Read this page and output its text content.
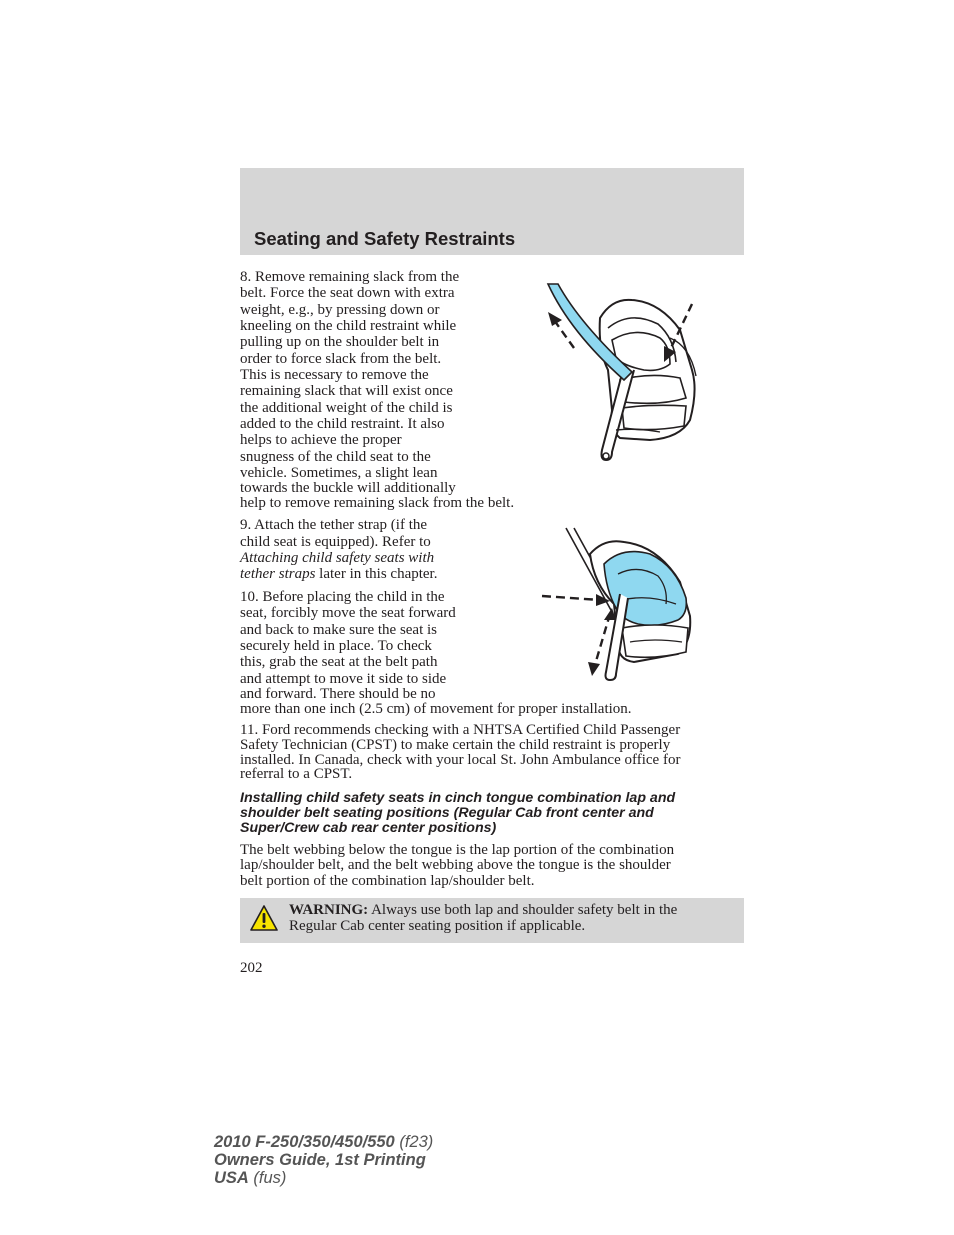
Seating and Safety Restraints
8. Remove remaining slack from the
belt. Force the seat down with extra
weight, e.g., by pressing down or
kneeling on the child restraint while
pulling up on the shoulder belt in
order to force slack from the belt.
This is necessary to remove the
remaining slack that will exist once
the additional weight of the child is
added to the child restraint. It also
helps to achieve the proper
snugness of the child seat to the
vehicle. Sometimes, a slight lean
towards the buckle will additionally
help to remove remaining slack from the belt.
9. Attach the tether strap (if the
child seat is equipped). Refer to
Attaching child safety seats with
tether straps later in this chapter.
10. Before placing the child in the
seat, forcibly move the seat forward
and back to make sure the seat is
securely held in place. To check
this, grab the seat at the belt path
and attempt to move it side to side
and forward. There should be no
more than one inch (2.5 cm) of movement for proper installation.
11. Ford recommends checking with a NHTSA Certified Child Passenger
Safety Technician (CPST) to make certain the child restraint is properly
installed. In Canada, check with your local St. John Ambulance office for
referral to a CPST.
Installing child safety seats in cinch tongue combination lap and
shoulder belt seating positions (Regular Cab front center and
Super/Crew cab rear center positions)
The belt webbing below the tongue is the lap portion of the combination
lap/shoulder belt, and the belt webbing above the tongue is the shoulder
belt portion of the combination lap/shoulder belt.
WARNING: Always use both lap and shoulder safety belt in the
Regular Cab center seating position if applicable.
202
2010 F-250/350/450/550 (f23)
Owners Guide, 1st Printing
USA (fus)
